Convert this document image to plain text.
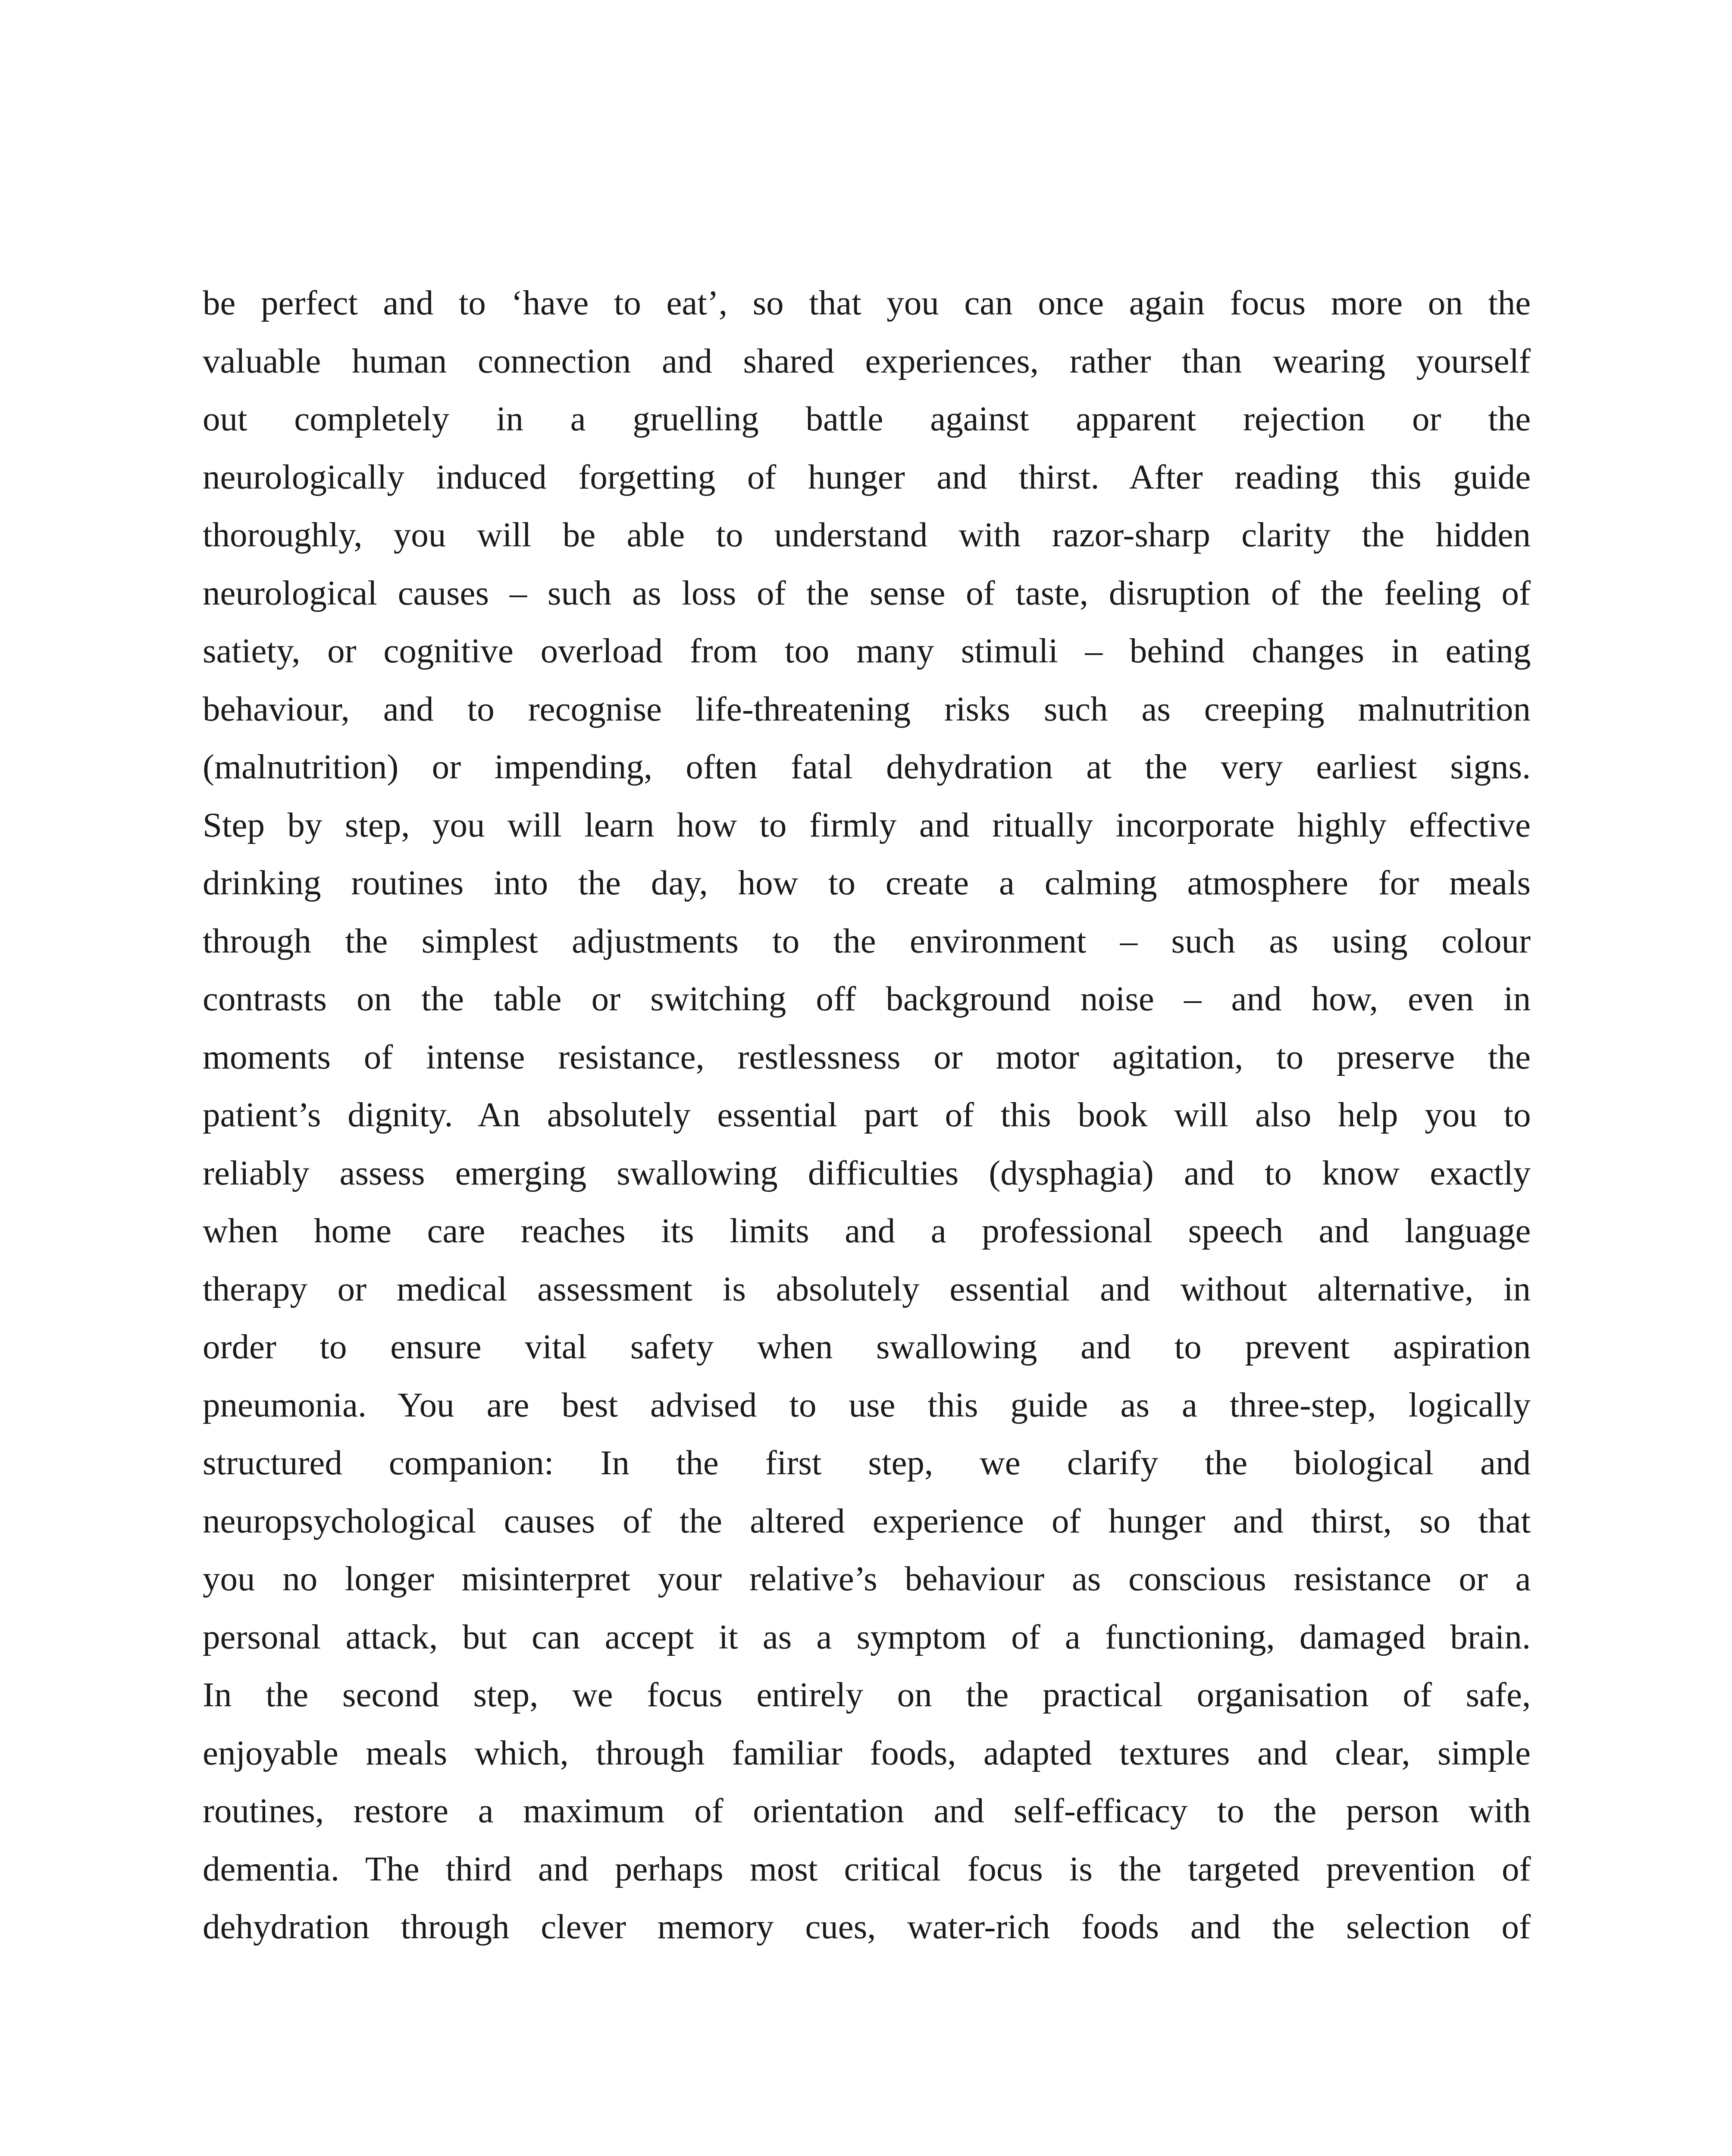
be perfect and to ‘have to eat’, so that you can once again focus more on the
valuable human connection and shared experiences, rather than wearing yourself
out completely in a gruelling battle against apparent rejection or the
neurologically induced forgetting of hunger and thirst. After reading this guide
thoroughly, you will be able to understand with razor-sharp clarity the hidden
neurological causes – such as loss of the sense of taste, disruption of the feeling of
satiety, or cognitive overload from too many stimuli – behind changes in eating
behaviour, and to recognise life-threatening risks such as creeping malnutrition
(malnutrition) or impending, often fatal dehydration at the very earliest signs.
Step by step, you will learn how to firmly and ritually incorporate highly effective
drinking routines into the day, how to create a calming atmosphere for meals
through the simplest adjustments to the environment – such as using colour
contrasts on the table or switching off background noise – and how, even in
moments of intense resistance, restlessness or motor agitation, to preserve the
patient’s dignity. An absolutely essential part of this book will also help you to
reliably assess emerging swallowing difficulties (dysphagia) and to know exactly
when home care reaches its limits and a professional speech and language
therapy or medical assessment is absolutely essential and without alternative, in
order to ensure vital safety when swallowing and to prevent aspiration
pneumonia. You are best advised to use this guide as a three-step, logically
structured companion: In the first step, we clarify the biological and
neuropsychological causes of the altered experience of hunger and thirst, so that
you no longer misinterpret your relative’s behaviour as conscious resistance or a
personal attack, but can accept it as a symptom of a functioning, damaged brain.
In the second step, we focus entirely on the practical organisation of safe,
enjoyable meals which, through familiar foods, adapted textures and clear, simple
routines, restore a maximum of orientation and self-efficacy to the person with
dementia. The third and perhaps most critical focus is the targeted prevention of
dehydration through clever memory cues, water-rich foods and the selection of
